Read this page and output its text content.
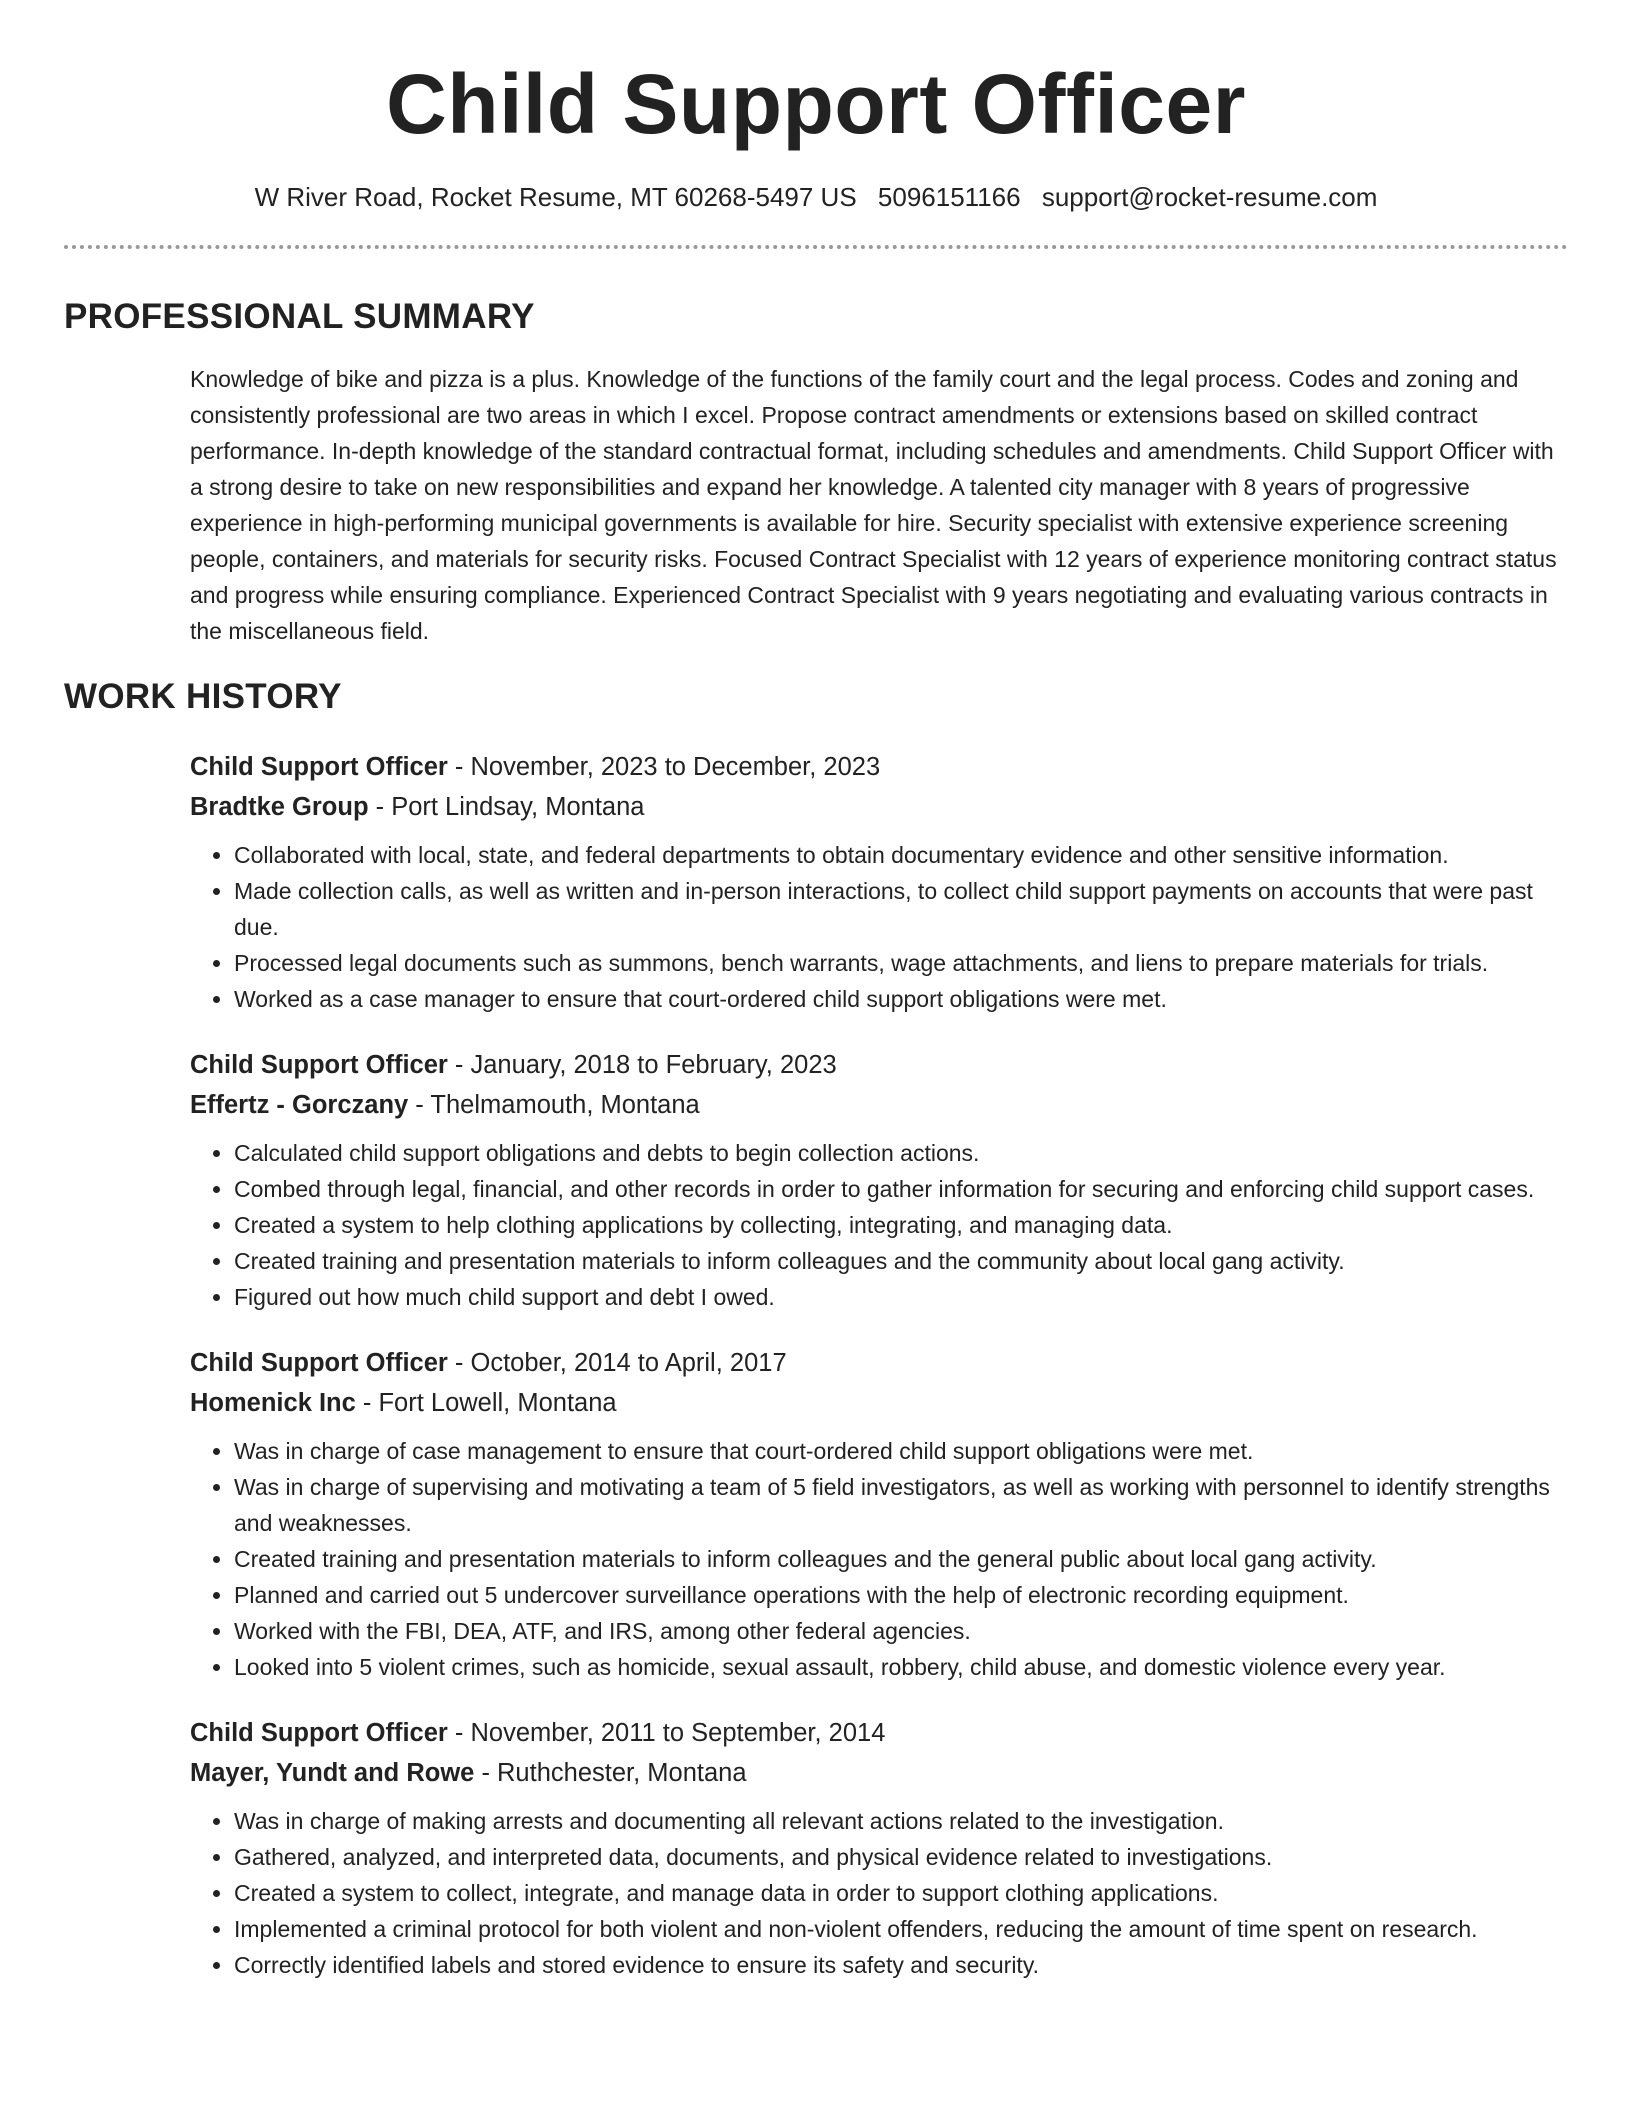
Child Support Officer
W River Road, Rocket Resume, MT 60268-5497 US 5096151166 support@rocket-resume.com
PROFESSIONAL SUMMARY

Knowledge of bike and pizza is a plus. Knowledge of the functions of the family court and the legal process. Codes and zoning and consistently professional are two areas in which I excel. Propose contract amendments or extensions based on skilled contract performance. In-depth knowledge of the standard contractual format, including schedules and amendments. Child Support Officer with a strong desire to take on new responsibilities and expand her knowledge. A talented city manager with 8 years of progressive experience in high-performing municipal governments is available for hire. Security specialist with extensive experience screening people, containers, and materials for security risks. Focused Contract Specialist with 12 years of experience monitoring contract status and progress while ensuring compliance. Experienced Contract Specialist with 9 years negotiating and evaluating various contracts in the miscellaneous field.

WORK HISTORY
Child Support Officer - November, 2023 to December, 2023
Bradtke Group - Port Lindsay, Montana
• Collaborated with local, state, and federal departments to obtain documentary evidence and other sensitive information.
• Made collection calls, as well as written and in-person interactions, to collect child support payments on accounts that were past due.
• Processed legal documents such as summons, bench warrants, wage attachments, and liens to prepare materials for trials.
• Worked as a case manager to ensure that court-ordered child support obligations were met.
Child Support Officer - January, 2018 to February, 2023
Effertz - Gorczany - Thelmamouth, Montana
• Calculated child support obligations and debts to begin collection actions.
• Combed through legal, financial, and other records in order to gather information for securing and enforcing child support cases.
• Created a system to help clothing applications by collecting, integrating, and managing data.
• Created training and presentation materials to inform colleagues and the community about local gang activity.
• Figured out how much child support and debt I owed.
Child Support Officer - October, 2014 to April, 2017
Homenick Inc - Fort Lowell, Montana
• Was in charge of case management to ensure that court-ordered child support obligations were met.
• Was in charge of supervising and motivating a team of 5 field investigators, as well as working with personnel to identify strengths and weaknesses.
• Created training and presentation materials to inform colleagues and the general public about local gang activity.
• Planned and carried out 5 undercover surveillance operations with the help of electronic recording equipment.
• Worked with the FBI, DEA, ATF, and IRS, among other federal agencies.
• Looked into 5 violent crimes, such as homicide, sexual assault, robbery, child abuse, and domestic violence every year.
Child Support Officer - November, 2011 to September, 2014
Mayer, Yundt and Rowe - Ruthchester, Montana
• Was in charge of making arrests and documenting all relevant actions related to the investigation.
• Gathered, analyzed, and interpreted data, documents, and physical evidence related to investigations.
• Created a system to collect, integrate, and manage data in order to support clothing applications.
• Implemented a criminal protocol for both violent and non-violent offenders, reducing the amount of time spent on research.
• Correctly identified labels and stored evidence to ensure its safety and security.
